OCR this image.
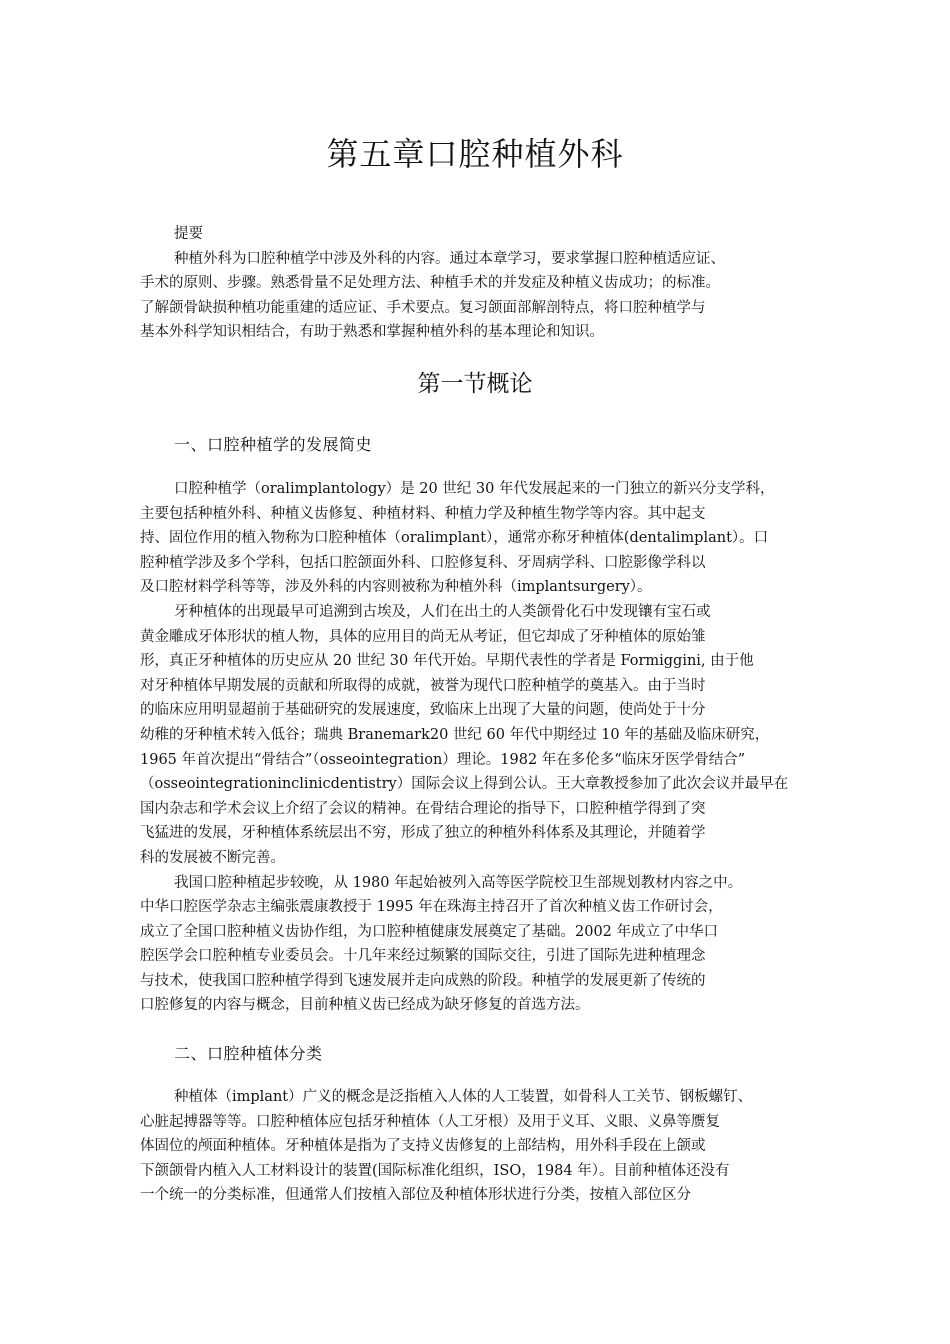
第五章口腔种植外科
提要
种植外科为口腔种植学中涉及外科的内容。通过本章学习，要求掌握口腔种植适应证、
手术的原则、步骤。熟悉骨量不足处理方法、种植手术的并发症及种植义齿成功；的标准。
了解颌骨缺损种植功能重建的适应证、手术要点。复习颌面部解剖特点，将口腔种植学与
基本外科学知识相结合，有助于熟悉和掌握种植外科的基本理论和知识。
第一节概论
一、口腔种植学的发展简史
口腔种植学（oralimplantology）是 20 世纪 30 年代发展起来的一门独立的新兴分支学科，
主要包括种植外科、种植义齿修复、种植材料、种植力学及种植生物学等内容。其中起支
持、固位作用的植入物称为口腔种植体（oralimplant），通常亦称牙种植体(dentalimplant）。口
腔种植学涉及多个学科，包括口腔颌面外科、口腔修复科、牙周病学科、口腔影像学科以
及口腔材料学科等等，涉及外科的内容则被称为种植外科（implantsurgery）。
牙种植体的出现最早可追溯到古埃及，人们在出土的人类颌骨化石中发现镶有宝石或
黄金雕成牙体形状的植人物，具体的应用目的尚无从考证，但它却成了牙种植体的原始雏
形，真正牙种植体的历史应从 20 世纪 30 年代开始。早期代表性的学者是 Formiggini, 由于他
对牙种植体早期发展的贡献和所取得的成就，被誉为现代口腔种植学的奠基入。由于当时
的临床应用明显超前于基础研究的发展速度，致临床上出现了大量的问题，使尚处于十分
幼稚的牙种植术转入低谷；瑞典 Branemark20 世纪 60 年代中期经过 10 年的基础及临床研究，
1965 年首次提出“骨结合”（osseointegration）理论。1982 年在多伦多“临床牙医学骨结合”
（osseointegrationinclinicdentistry）国际会议上得到公认。王大章教授参加了此次会议并最早在
国内杂志和学术会议上介绍了会议的精神。在骨结合理论的指导下，口腔种植学得到了突
飞猛进的发展，牙种植体系统层出不穷，形成了独立的种植外科体系及其理论，并随着学
科的发展被不断完善。
我国口腔种植起步较晚，从 1980 年起始被列入高等医学院校卫生部规划教材内容之中。
中华口腔医学杂志主编张震康教授于 1995 年在珠海主持召开了首次种植义齿工作研讨会，
成立了全国口腔种植义齿协作组，为口腔种植健康发展奠定了基础。2002 年成立了中华口
腔医学会口腔种植专业委员会。十几年来经过频繁的国际交往，引进了国际先进种植理念
与技术，使我国口腔种植学得到飞速发展并走向成熟的阶段。种植学的发展更新了传统的
口腔修复的内容与概念，目前种植义齿已经成为缺牙修复的首选方法。
二、口腔种植体分类
种植体（implant）广义的概念是泛指植入人体的人工装置，如骨科人工关节、钢板螺钉、
心脏起搏器等等。口腔种植体应包括牙种植体（人工牙根）及用于义耳、义眼、义鼻等赝复
体固位的颅面种植体。牙种植体是指为了支持义齿修复的上部结构，用外科手段在上颌或
下颌颌骨内植入人工材料设计的装置(国际标准化组织，ISO，1984 年）。目前种植体还没有
一个统一的分类标准，但通常人们按植入部位及种植体形状进行分类，按植入部位区分
